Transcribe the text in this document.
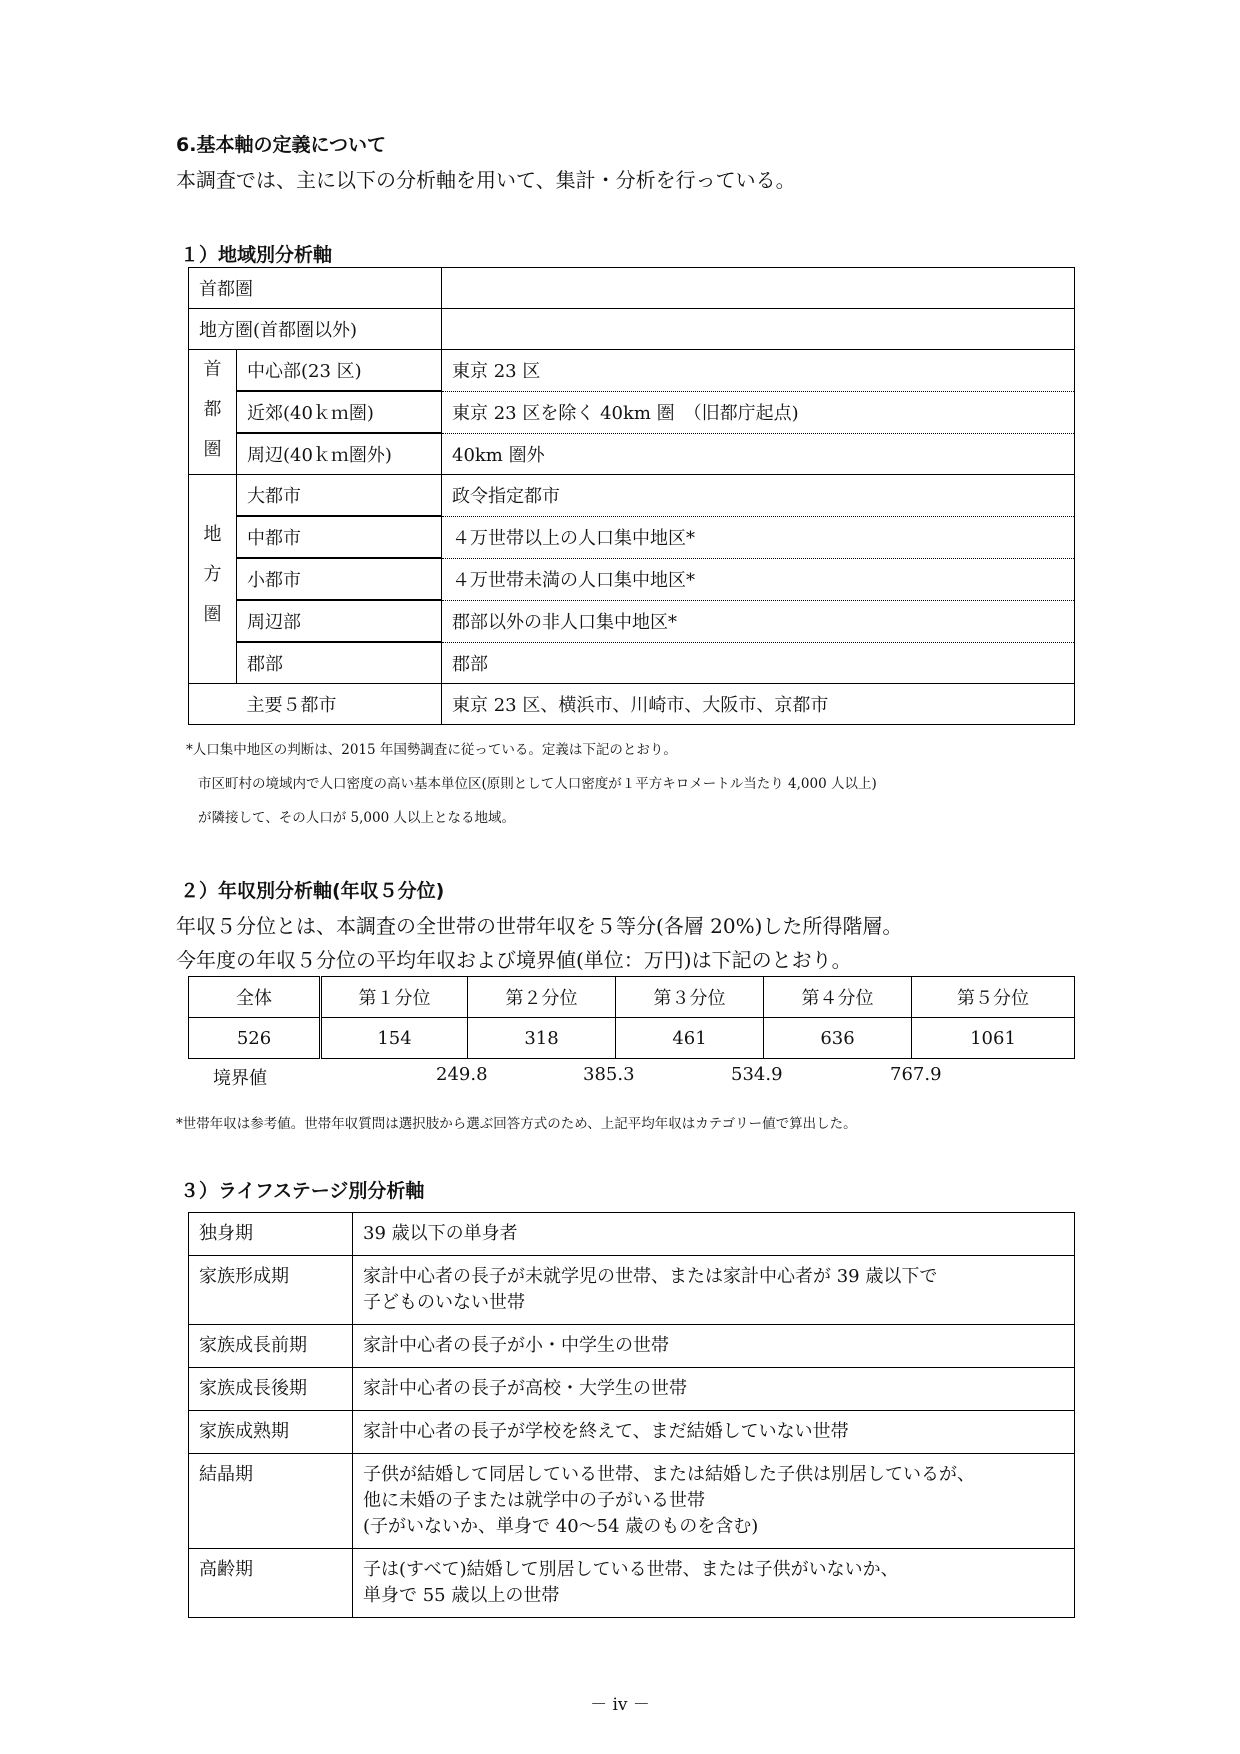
6.基本軸の定義について
本調査では、主に以下の分析軸を用いて、集計・分析を行っている。
１）地域別分析軸
首都圏		
地方圏(首都圏以外)		

首
都
圏	中心部(23 区)	東京 23 区
	近郊(40ｋｍ圏)	東京 23 区を除く 40km 圏　（旧都庁起点)
	周辺(40ｋｍ圏外)	40km 圏外

地
方
圏	大都市	政令指定都市
	中都市	４万世帯以上の人口集中地区*
	小都市	４万世帯未満の人口集中地区*
	周辺部	郡部以外の非人口集中地区*
	郡部	郡部
	主要５都市	東京 23 区、横浜市、川崎市、大阪市、京都市
*人口集中地区の判断は、2015 年国勢調査に従っている。定義は下記のとおり。
市区町村の境域内で人口密度の高い基本単位区(原則として人口密度が１平方キロメートル当たり 4,000 人以上)
が隣接して、その人口が 5,000 人以上となる地域。
２）年収別分析軸(年収５分位)
年収５分位とは、本調査の全世帯の世帯年収を５等分(各層 20%)した所得階層。
今年度の年収５分位の平均年収および境界値(単位：万円)は下記のとおり。
全体	第１分位	第２分位	第３分位	第４分位	第５分位
526	154	318	461	636	1061
境界値	249.8	385.3	534.9	767.9
*世帯年収は参考値。世帯年収質問は選択肢から選ぶ回答方式のため、上記平均年収はカテゴリー値で算出した。
３）ライフステージ別分析軸
独身期	39 歳以下の単身者

家族形成期	家計中心者の長子が未就学児の世帯、または家計中心者が 39 歳以下で
子どものいない世帯

家族成長前期	家計中心者の長子が小・中学生の世帯

家族成長後期	家計中心者の長子が高校・大学生の世帯

家族成熟期	家計中心者の長子が学校を終えて、まだ結婚していない世帯

結晶期	子供が結婚して同居している世帯、または結婚した子供は別居しているが、
他に未婚の子または就学中の子がいる世帯
(子がいないか、単身で 40～54 歳のものを含む)

高齢期	子は(すべて)結婚して別居している世帯、または子供がいないか、
単身で 55 歳以上の世帯
－ iv －
